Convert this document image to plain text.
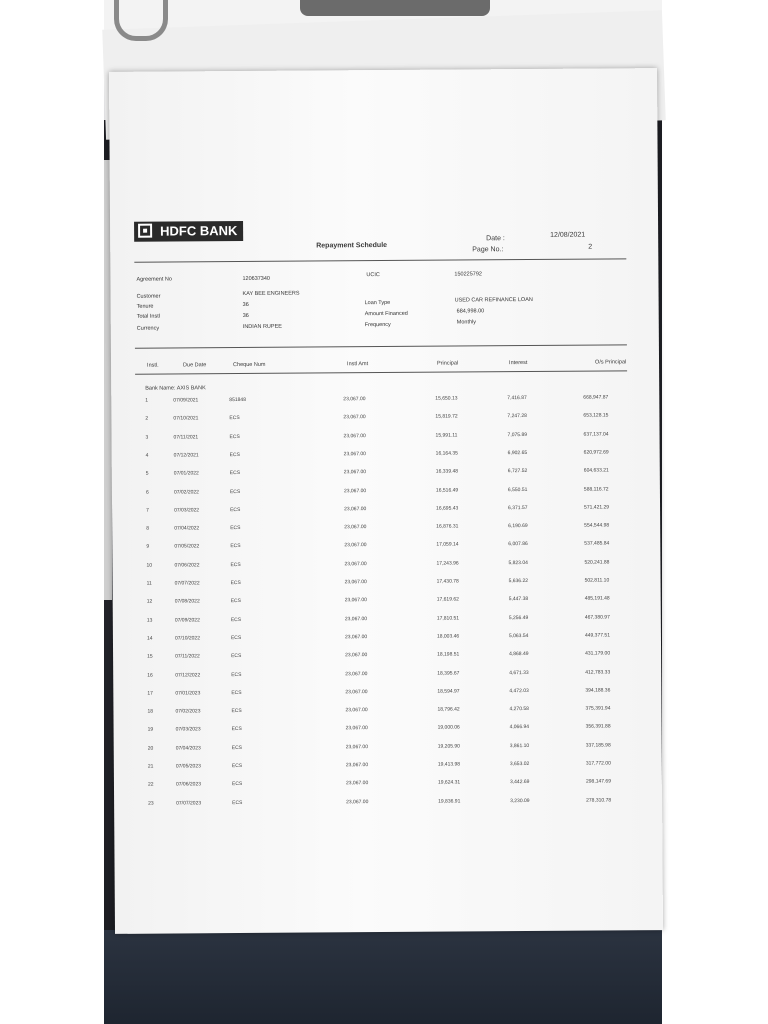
HDFC BANK
Repayment Schedule
Date :	12/08/2021
Page No.:	2
Agreement No	120637340
UCIC	150225792
Customer	KAY BEE ENGINEERS
Tenure	36
Total Instl	36
Currency	INDIAN RUPEE
Loan Type	USED CAR REFINANCE LOAN
Amount Financed	684,998.00
Frequency	Monthly
Instl.	Due Date	Cheque Num	Instl Amt	Principal	Interest	O/s Principal
Bank Name: AXIS BANK
1	07/09/2021	851848	23,067.00	15,650.13	7,416.87	668,947.87
2	07/10/2021	ECS	23,067.00	15,819.72	7,247.28	653,128.15
3	07/11/2021	ECS	23,067.00	15,991.11	7,075.89	637,137.04
4	07/12/2021	ECS	23,067.00	16,164.35	6,902.65	620,972.69
5	07/01/2022	ECS	23,067.00	16,339.48	6,727.52	604,633.21
6	07/02/2022	ECS	23,067.00	16,516.49	6,550.51	588,116.72
7	07/03/2022	ECS	23,067.00	16,695.43	6,371.57	571,421.29
8	07/04/2022	ECS	23,067.00	16,876.31	6,190.69	554,544.98
9	07/05/2022	ECS	23,067.00	17,059.14	6,007.86	537,485.84
10	07/06/2022	ECS	23,067.00	17,243.96	5,823.04	520,241.88
11	07/07/2022	ECS	23,067.00	17,430.78	5,636.22	502,811.10
12	07/08/2022	ECS	23,067.00	17,619.62	5,447.38	485,191.48
13	07/09/2022	ECS	23,067.00	17,810.51	5,256.49	467,380.97
14	07/10/2022	ECS	23,067.00	18,003.46	5,063.54	449,377.51
15	07/11/2022	ECS	23,067.00	18,198.51	4,868.49	431,179.00
16	07/12/2022	ECS	23,067.00	18,395.67	4,671.33	412,783.33
17	07/01/2023	ECS	23,067.00	18,594.97	4,472.03	394,188.36
18	07/02/2023	ECS	23,067.00	18,796.42	4,270.58	375,391.94
19	07/03/2023	ECS	23,067.00	19,000.06	4,066.94	356,391.88
20	07/04/2023	ECS	23,067.00	19,205.90	3,861.10	337,185.98
21	07/05/2023	ECS	23,067.00	19,413.98	3,653.02	317,772.00
22	07/06/2023	ECS	23,067.00	19,624.31	3,442.69	298,147.69
23	07/07/2023	ECS	23,067.00	19,836.91	3,230.09	278,310.78
